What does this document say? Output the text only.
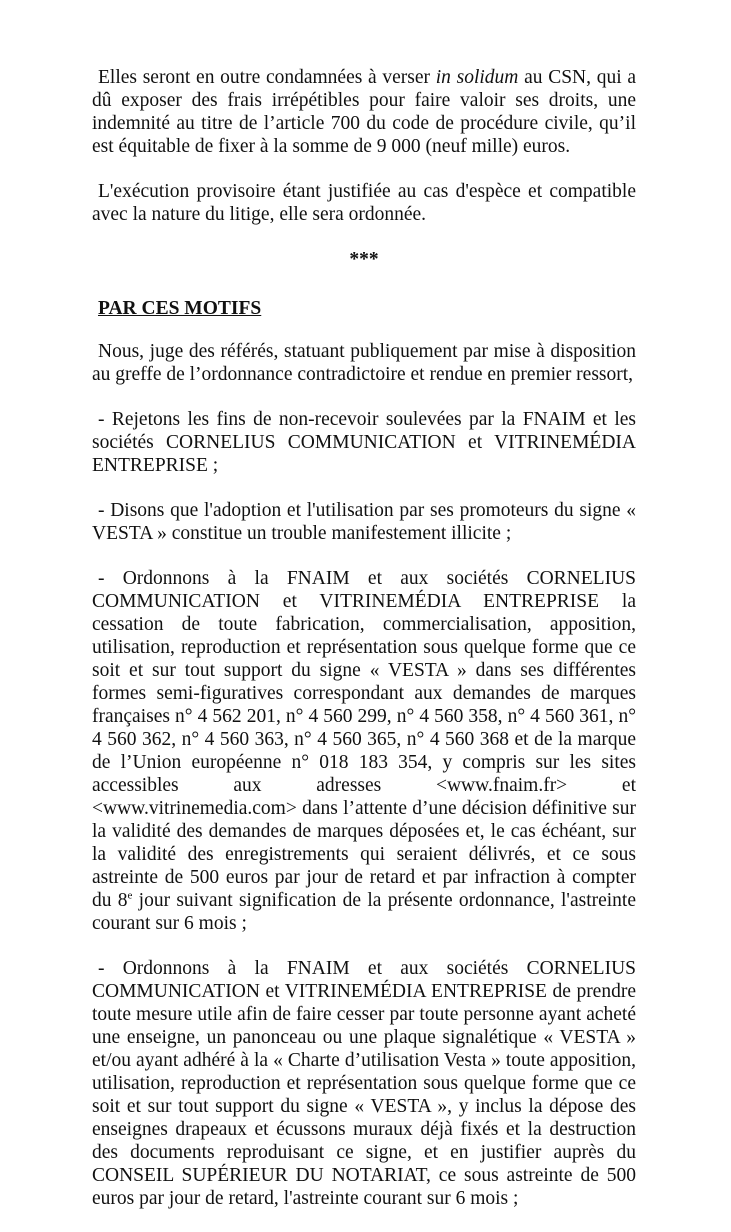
Elles seront en outre condamnées à verser in solidum au CSN, qui a dû exposer des frais irrépétibles pour faire valoir ses droits, une indemnité au titre de l’article 700 du code de procédure civile, qu’il est équitable de fixer à la somme de 9 000 (neuf mille) euros.

L'exécution provisoire étant justifiée au cas d'espèce et compatible avec la nature du litige, elle sera ordonnée.

***

PAR CES MOTIFS

Nous, juge des référés, statuant publiquement par mise à disposition au greffe de l’ordonnance contradictoire et rendue en premier ressort,

- Rejetons les fins de non-recevoir soulevées par la FNAIM et les sociétés CORNELIUS COMMUNICATION et VITRINEMÉDIA ENTREPRISE ;

- Disons que l'adoption et l'utilisation par ses promoteurs du signe « VESTA » constitue un trouble manifestement illicite ;

- Ordonnons à la FNAIM et aux sociétés CORNELIUS COMMUNICATION et VITRINEMÉDIA ENTREPRISE la cessation de toute fabrication, commercialisation, apposition, utilisation, reproduction et représentation sous quelque forme que ce soit et sur tout support du signe « VESTA » dans ses différentes formes semi-figuratives correspondant aux demandes de marques françaises n° 4 562 201, n° 4 560 299, n° 4 560 358, n° 4 560 361, n° 4 560 362, n° 4 560 363, n° 4 560 365, n° 4 560 368 et de la marque de l’Union européenne n° 018 183 354, y compris sur les sites accessibles aux adresses <www.fnaim.fr> et <www.vitrinemedia.com> dans l’attente d’une décision définitive sur la validité des demandes de marques déposées et, le cas échéant, sur la validité des enregistrements qui seraient délivrés, et ce sous astreinte de 500 euros par jour de retard et par infraction à compter du 8e jour suivant signification de la présente ordonnance, l'astreinte courant sur 6 mois ;

- Ordonnons à la FNAIM et aux sociétés CORNELIUS COMMUNICATION et VITRINEMÉDIA ENTREPRISE de prendre toute mesure utile afin de faire cesser par toute personne ayant acheté une enseigne, un panonceau ou une plaque signalétique « VESTA » et/ou ayant adhéré à la « Charte d’utilisation Vesta » toute apposition, utilisation, reproduction et représentation sous quelque forme que ce soit et sur tout support du signe « VESTA », y inclus la dépose des enseignes drapeaux et écussons muraux déjà fixés et la destruction des documents reproduisant ce signe, et en justifier auprès du CONSEIL SUPÉRIEUR DU NOTARIAT, ce sous astreinte de 500 euros par jour de retard, l'astreinte courant sur 6 mois ;
